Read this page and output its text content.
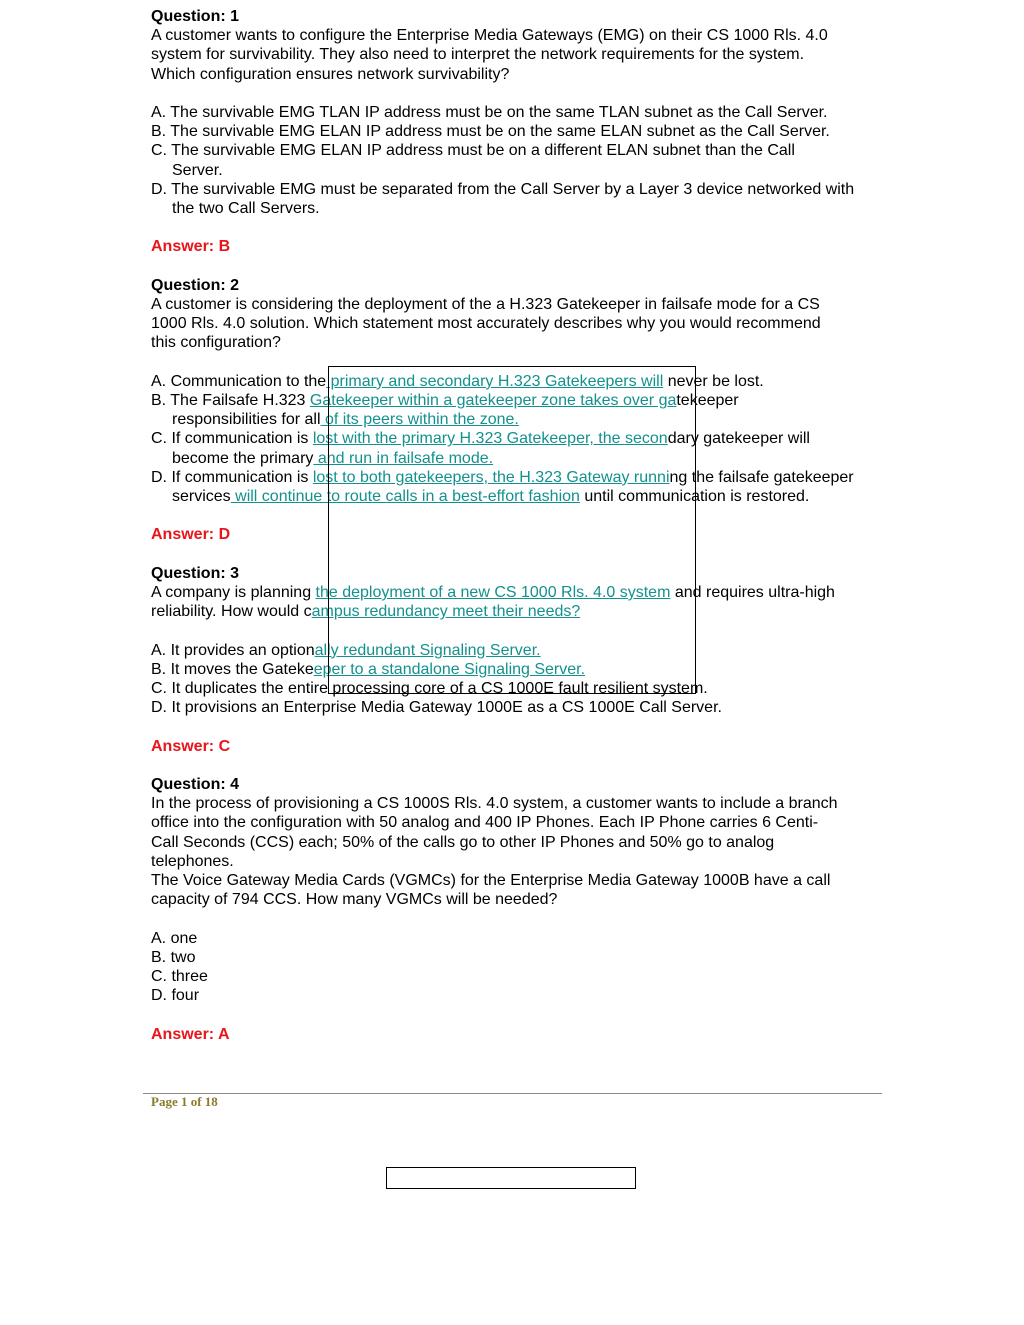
Question: 1
A customer wants to configure the Enterprise Media Gateways (EMG) on their CS 1000 Rls. 4.0
system for survivability. They also need to interpret the network requirements for the system.
Which configuration ensures network survivability?
A. The survivable EMG TLAN IP address must be on the same TLAN subnet as the Call Server.
B. The survivable EMG ELAN IP address must be on the same ELAN subnet as the Call Server.
C. The survivable EMG ELAN IP address must be on a different ELAN subnet than the Call Server.
D. The survivable EMG must be separated from the Call Server by a Layer 3 device networked with the two Call Servers.
Answer: B
Question: 2
A customer is considering the deployment of the a H.323 Gatekeeper in failsafe mode for a CS
1000 Rls. 4.0 solution. Which statement most accurately describes why you would recommend
this configuration?
A. Communication to the primary and secondary H.323 Gatekeepers will never be lost.
B. The Failsafe H.323 Gatekeeper within a gatekeeper zone takes over gatekeeper responsibilities for all of its peers within the zone.
C. If communication is lost with the primary H.323 Gatekeeper, the secondary gatekeeper will become the primary and run in failsafe mode.
D. If communication is lost to both gatekeepers, the H.323 Gateway running the failsafe gatekeeper services will continue to route calls in a best-effort fashion until communication is restored.
Answer: D
Question: 3
A company is planning the deployment of a new CS 1000 Rls. 4.0 system and requires ultra-high
reliability. How would campus redundancy meet their needs?
A. It provides an optionally redundant Signaling Server.
B. It moves the Gatekeeper to a standalone Signaling Server.
C. It duplicates the entire processing core of a CS 1000E fault resilient system.
D. It provisions an Enterprise Media Gateway 1000E as a CS 1000E Call Server.
Answer: C
Question: 4
In the process of provisioning a CS 1000S Rls. 4.0 system, a customer wants to include a branch
office into the configuration with 50 analog and 400 IP Phones. Each IP Phone carries 6 Centi-
Call Seconds (CCS) each; 50% of the calls go to other IP Phones and 50% go to analog
telephones.
The Voice Gateway Media Cards (VGMCs) for the Enterprise Media Gateway 1000B have a call
capacity of 794 CCS. How many VGMCs will be needed?
A. one
B. two
C. three
D. four
Answer: A
Page 1 of 18
